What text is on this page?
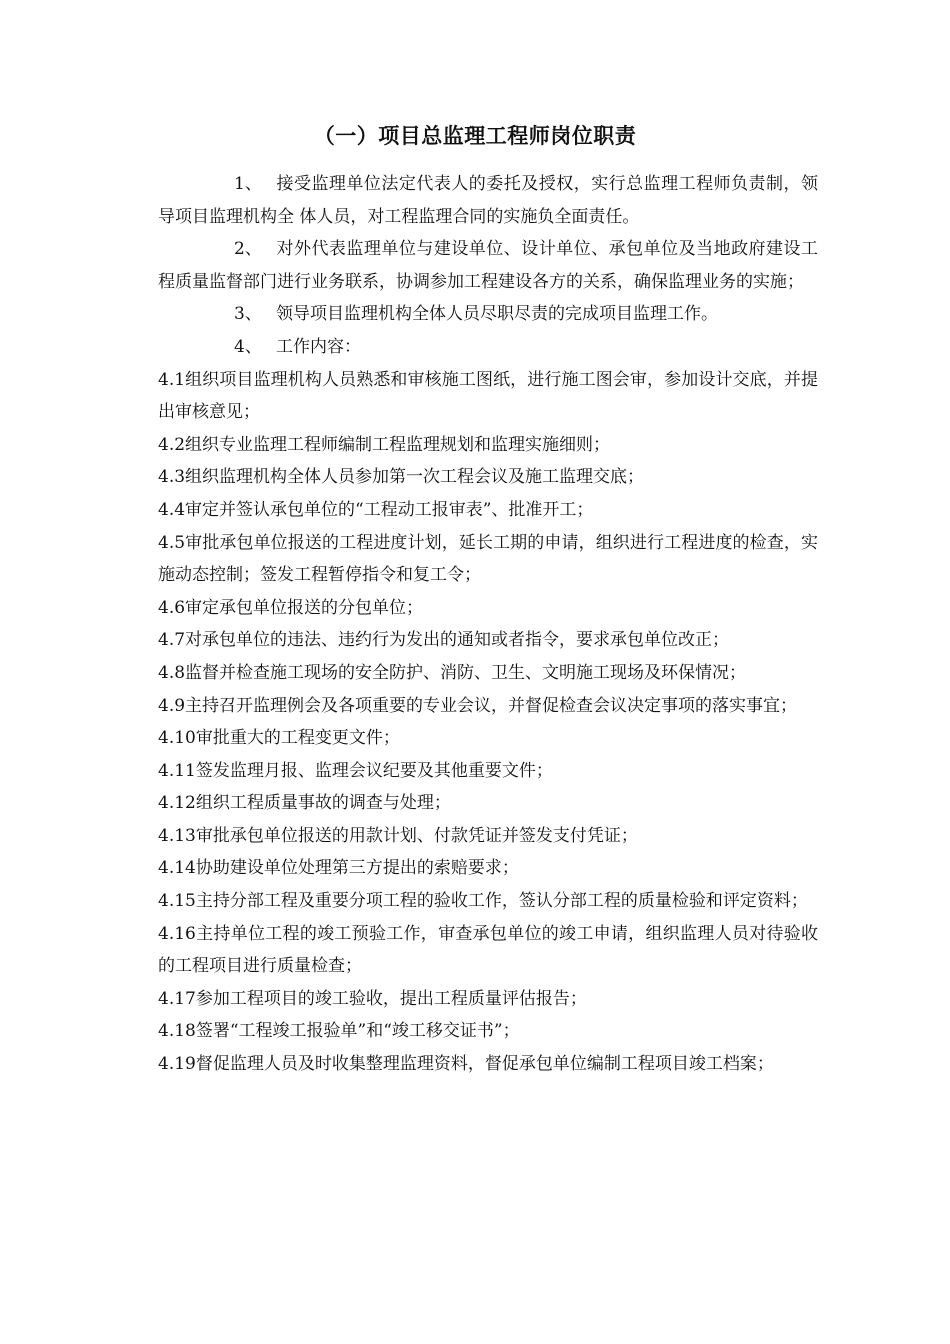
（一）项目总监理工程师岗位职责

1、 接受监理单位法定代表人的委托及授权，实行总监理工程师负责制，领导项目监理机构全 体人员，对工程监理合同的实施负全面责任。

2、 对外代表监理单位与建设单位、设计单位、承包单位及当地政府建设工程质量监督部门进行业务联系，协调参加工程建设各方的关系，确保监理业务的实施；

3、 领导项目监理机构全体人员尽职尽责的完成项目监理工作。

4、 工作内容：

4.1组织项目监理机构人员熟悉和审核施工图纸，进行施工图会审，参加设计交底，并提出审核意见；

4.2组织专业监理工程师编制工程监理规划和监理实施细则；

4.3组织监理机构全体人员参加第一次工程会议及施工监理交底；

4.4审定并签认承包单位的“工程动工报审表”、批准开工；

4.5审批承包单位报送的工程进度计划，延长工期的申请，组织进行工程进度的检查，实施动态控制；签发工程暂停指令和复工令；

4.6审定承包单位报送的分包单位；

4.7对承包单位的违法、违约行为发出的通知或者指令，要求承包单位改正；

4.8监督并检查施工现场的安全防护、消防、卫生、文明施工现场及环保情况；

4.9主持召开监理例会及各项重要的专业会议，并督促检查会议决定事项的落实事宜；

4.10审批重大的工程变更文件；

4.11签发监理月报、监理会议纪要及其他重要文件；

4.12组织工程质量事故的调查与处理；

4.13审批承包单位报送的用款计划、付款凭证并签发支付凭证；

4.14协助建设单位处理第三方提出的索赔要求；

4.15主持分部工程及重要分项工程的验收工作，签认分部工程的质量检验和评定资料；

4.16主持单位工程的竣工预验工作，审查承包单位的竣工申请，组织监理人员对待验收的工程项目进行质量检查；

4.17参加工程项目的竣工验收，提出工程质量评估报告；

4.18签署“工程竣工报验单”和“竣工移交证书”；

4.19督促监理人员及时收集整理监理资料，督促承包单位编制工程项目竣工档案；
